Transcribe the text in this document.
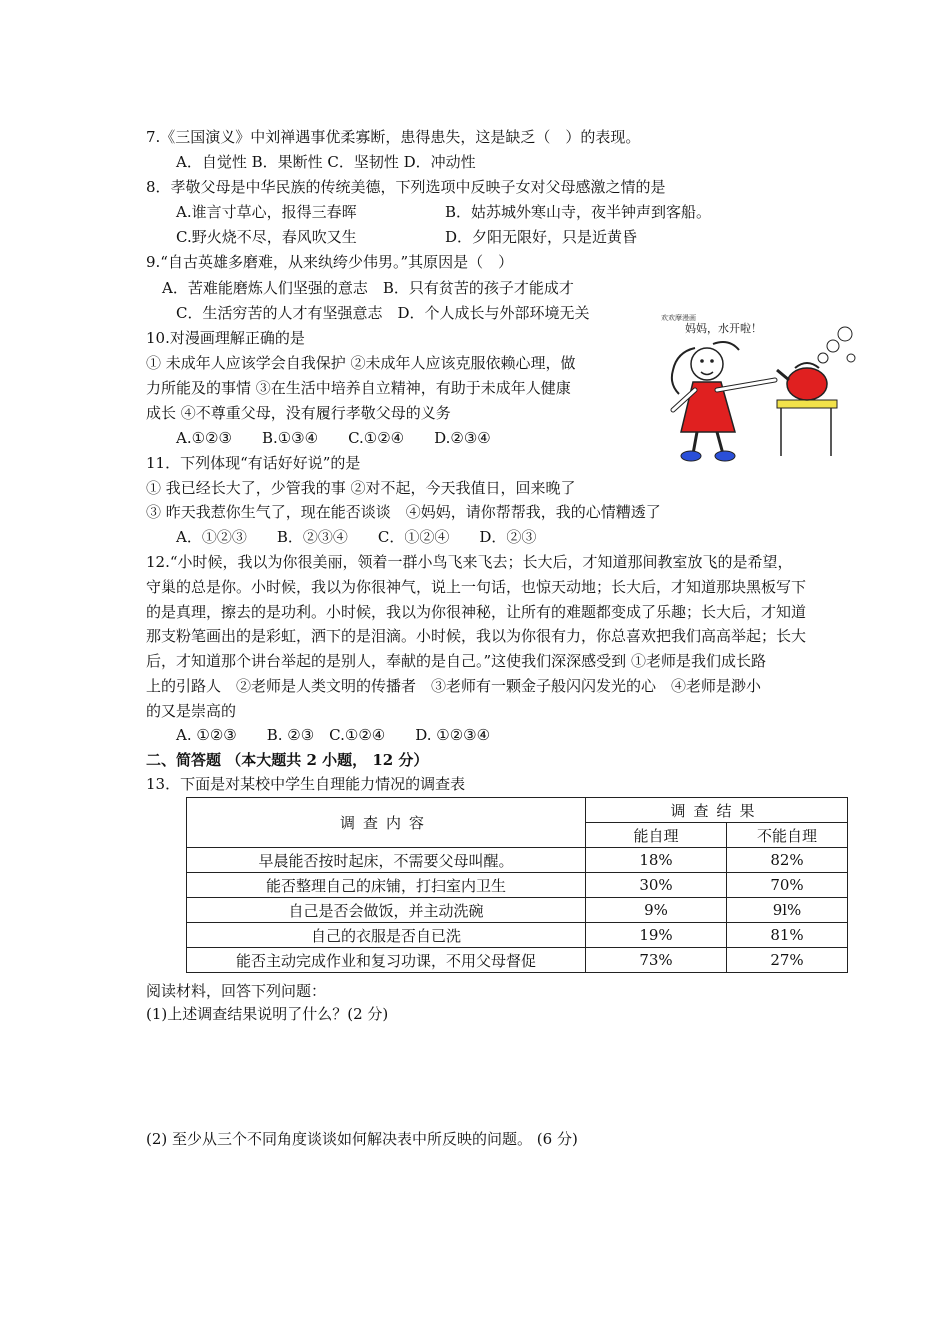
7.《三国演义》中刘禅遇事优柔寡断，患得患失，这是缺乏（　）的表现。
A．自觉性 B．果断性 C．坚韧性 D．冲动性
8．孝敬父母是中华民族的传统美德，下列选项中反映子女对父母感激之情的是
A.谁言寸草心，报得三春晖	B．姑苏城外寒山寺，夜半钟声到客船。
C.野火烧不尽，春风吹又生	D．夕阳无限好，只是近黄昏
9.“自古英雄多磨难，从来纨绔少伟男。”其原因是（　）
A．苦难能磨炼人们坚强的意志　B．只有贫苦的孩子才能成才
C．生活穷苦的人才有坚强意志　D．个人成长与外部环境无关
10.对漫画理解正确的是
① 未成年人应该学会自我保护 ②未成年人应该克服依赖心理，做
力所能及的事情 ③在生活中培养自立精神，有助于未成年人健康
成长 ④不尊重父母，没有履行孝敬父母的义务
A.①②③　　B.①③④　　C.①②④　　D.②③④
欢欢摩漫画
妈妈，水开啦！
11．下列体现“有话好好说”的是
① 我已经长大了，少管我的事 ②对不起，今天我值日，回来晚了
③ 昨天我惹你生气了，现在能否谈谈　④妈妈，请你帮帮我，我的心情糟透了
A．①②③　　B．②③④　　C．①②④　　D．②③
12.“小时候，我以为你很美丽，领着一群小鸟飞来飞去；长大后，才知道那间教室放飞的是希望，
守巢的总是你。小时候，我以为你很神气，说上一句话，也惊天动地；长大后，才知道那块黑板写下
的是真理，擦去的是功利。小时候，我以为你很神秘，让所有的难题都变成了乐趣；长大后，才知道
那支粉笔画出的是彩虹，洒下的是泪滴。小时候，我以为你很有力，你总喜欢把我们高高举起；长大
后，才知道那个讲台举起的是别人，奉献的是自己。”这使我们深深感受到 ①老师是我们成长路
上的引路人　②老师是人类文明的传播者　③老师有一颗金子般闪闪发光的心　④老师是渺小
的又是崇高的
A. ①②③　　B. ②③　C.①②④　　D. ①②③④
二、简答题 （本大题共 2 小题， 12 分）
13．下面是对某校中学生自理能力情况的调查表
调查内容	调查结果	
	能自理	不能自理
早晨能否按时起床，不需要父母叫醒。	18%	82%
能否整理自己的床铺，打扫室内卫生	30%	70%
自己是否会做饭，并主动洗碗	9%	9l%
自己的衣服是否自已洗	19%	81%
能否主动完成作业和复习功课，不用父母督促	73%	27%
阅读材料，回答下列问题：
(1)上述调查结果说明了什么？(2 分)
(2) 至少从三个不同角度谈谈如何解决表中所反映的问题。 (6 分)
